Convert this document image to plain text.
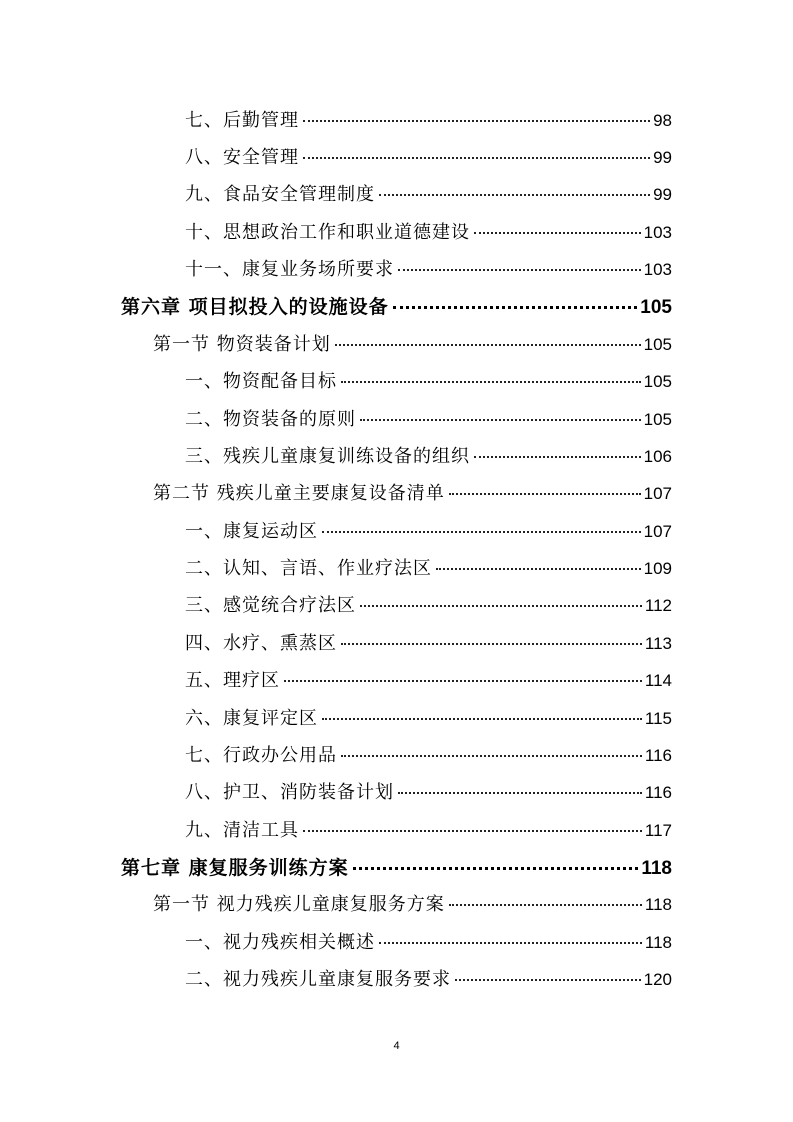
七、后勤管理	98
八、安全管理	99
九、食品安全管理制度	99
十、思想政治工作和职业道德建设	103
十一、康复业务场所要求	103
第六章 项目拟投入的设施设备	105
第一节 物资装备计划	105
一、物资配备目标	105
二、物资装备的原则	105
三、残疾儿童康复训练设备的组织	106
第二节 残疾儿童主要康复设备清单	107
一、康复运动区	107
二、认知、言语、作业疗法区	109
三、感觉统合疗法区	112
四、水疗、熏蒸区	113
五、理疗区	114
六、康复评定区	115
七、行政办公用品	116
八、护卫、消防装备计划	116
九、清洁工具	117
第七章 康复服务训练方案	118
第一节 视力残疾儿童康复服务方案	118
一、视力残疾相关概述	118
二、视力残疾儿童康复服务要求	120
4
